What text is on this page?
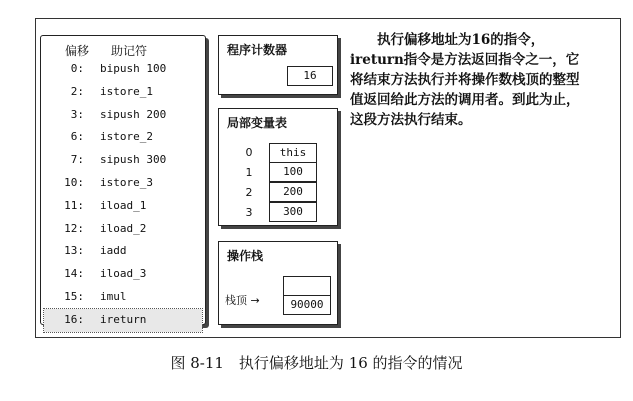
偏移 助记符
0: bipush 100
2: istore_1
3: sipush 200
6: istore_2
7: sipush 300
10: istore_3
11: iload_1
12: iload_2
13: iadd
14: iload_3
15: imul
16: ireturn
程序计数器
16
局部变量表
0	this
1	100
2	200
3	300
操作栈
栈顶 →	90000
执行偏移地址为16的指令，ireturn指令是方法返回指令之一，它将结束方法执行并将操作数栈顶的整型值返回给此方法的调用者。到此为止，这段方法执行结束。
图 8-11　执行偏移地址为 16 的指令的情况
